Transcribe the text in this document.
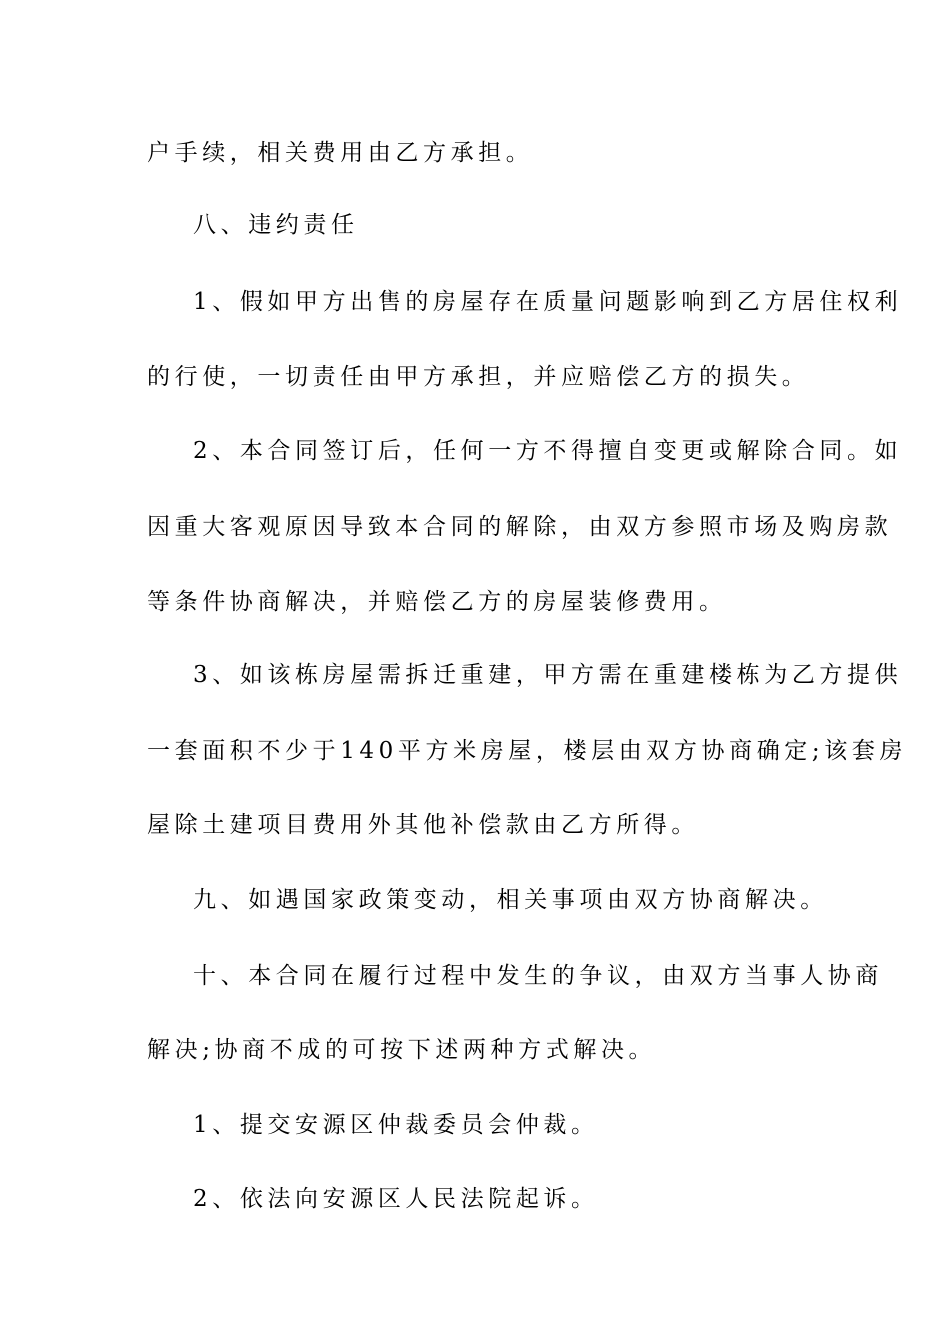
户手续，相关费用由乙方承担。
八、违约责任
1、假如甲方出售的房屋存在质量问题影响到乙方居住权利
的行使，一切责任由甲方承担，并应赔偿乙方的损失。
2、本合同签订后，任何一方不得擅自变更或解除合同。如
因重大客观原因导致本合同的解除，由双方参照市场及购房款
等条件协商解决，并赔偿乙方的房屋装修费用。
3、如该栋房屋需拆迁重建，甲方需在重建楼栋为乙方提供
一套面积不少于140平方米房屋，楼层由双方协商确定;该套房
屋除土建项目费用外其他补偿款由乙方所得。
九、如遇国家政策变动，相关事项由双方协商解决。
十、本合同在履行过程中发生的争议，由双方当事人协商
解决;协商不成的可按下述两种方式解决。
1、提交安源区仲裁委员会仲裁。
2、依法向安源区人民法院起诉。
